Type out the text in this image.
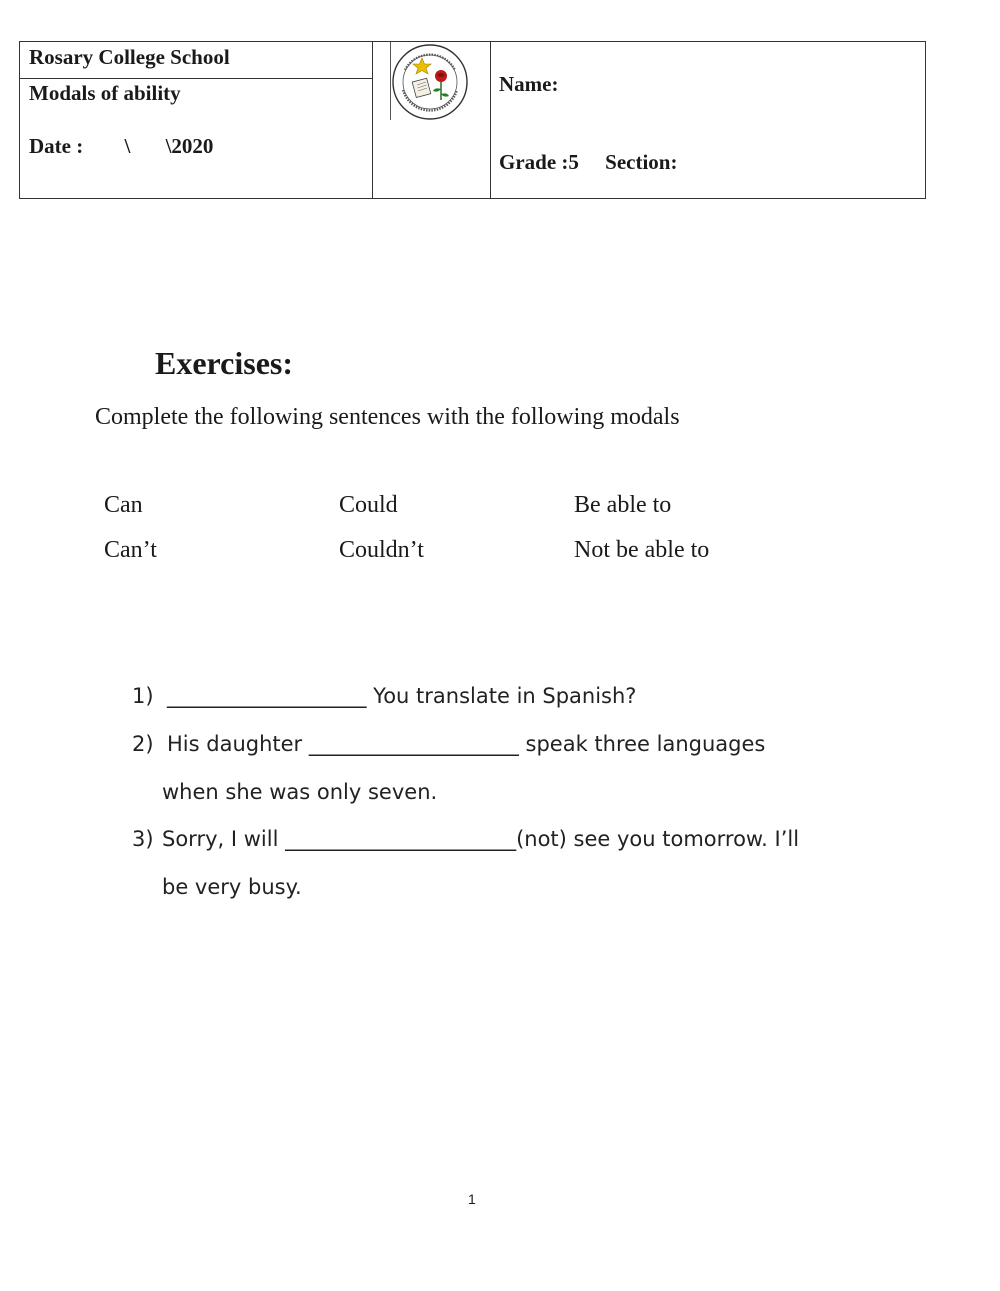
Rosary College School
Modals of ability
Date : \ \2020
Name:
Grade :5 Section:
Exercises:
Complete the following sentences with the following modals
Can	Could	Be able to
Can’t	Couldn’t	Not be able to
1) ___________________ You translate in Spanish?
2) His daughter ____________________ speak three languages
when she was only seven.
3) Sorry, I will ______________________(not) see you tomorrow. I’ll
be very busy.
1
